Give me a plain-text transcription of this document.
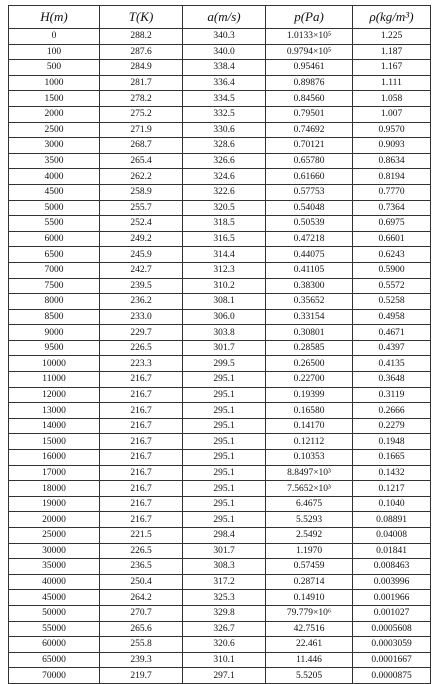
H(m)	T(K)	a(m/s)	p(Pa)	ρ(kg/m³)
0	288.2	340.3	1.0133×10⁵	1.225
100	287.6	340.0	0.9794×10⁵	1.187
500	284.9	338.4	0.95461	1.167
1000	281.7	336.4	0.89876	1.111
1500	278.2	334.5	0.84560	1.058
2000	275.2	332.5	0.79501	1.007
2500	271.9	330.6	0.74692	0.9570
3000	268.7	328.6	0.70121	0.9093
3500	265.4	326.6	0.65780	0.8634
4000	262.2	324.6	0.61660	0.8194
4500	258.9	322.6	0.57753	0.7770
5000	255.7	320.5	0.54048	0.7364
5500	252.4	318.5	0.50539	0.6975
6000	249.2	316.5	0.47218	0.6601
6500	245.9	314.4	0.44075	0.6243
7000	242.7	312.3	0.41105	0.5900
7500	239.5	310.2	0.38300	0.5572
8000	236.2	308.1	0.35652	0.5258
8500	233.0	306.0	0.33154	0.4958
9000	229.7	303.8	0.30801	0.4671
9500	226.5	301.7	0.28585	0.4397
10000	223.3	299.5	0.26500	0.4135
11000	216.7	295.1	0.22700	0.3648
12000	216.7	295.1	0.19399	0.3119
13000	216.7	295.1	0.16580	0.2666
14000	216.7	295.1	0.14170	0.2279
15000	216.7	295.1	0.12112	0.1948
16000	216.7	295.1	0.10353	0.1665
17000	216.7	295.1	8.8497×10³	0.1432
18000	216.7	295.1	7.5652×10³	0.1217
19000	216.7	295.1	6.4675	0.1040
20000	216.7	295.1	5.5293	0.08891
25000	221.5	298.4	2.5492	0.04008
30000	226.5	301.7	1.1970	0.01841
35000	236.5	308.3	0.57459	0.008463
40000	250.4	317.2	0.28714	0.003996
45000	264.2	325.3	0.14910	0.001966
50000	270.7	329.8	79.779×10⁶	0.001027
55000	265.6	326.7	42.7516	0.0005608
60000	255.8	320.6	22.461	0.0003059
65000	239.3	310.1	11.446	0.0001667
70000	219.7	297.1	5.5205	0.0000875
